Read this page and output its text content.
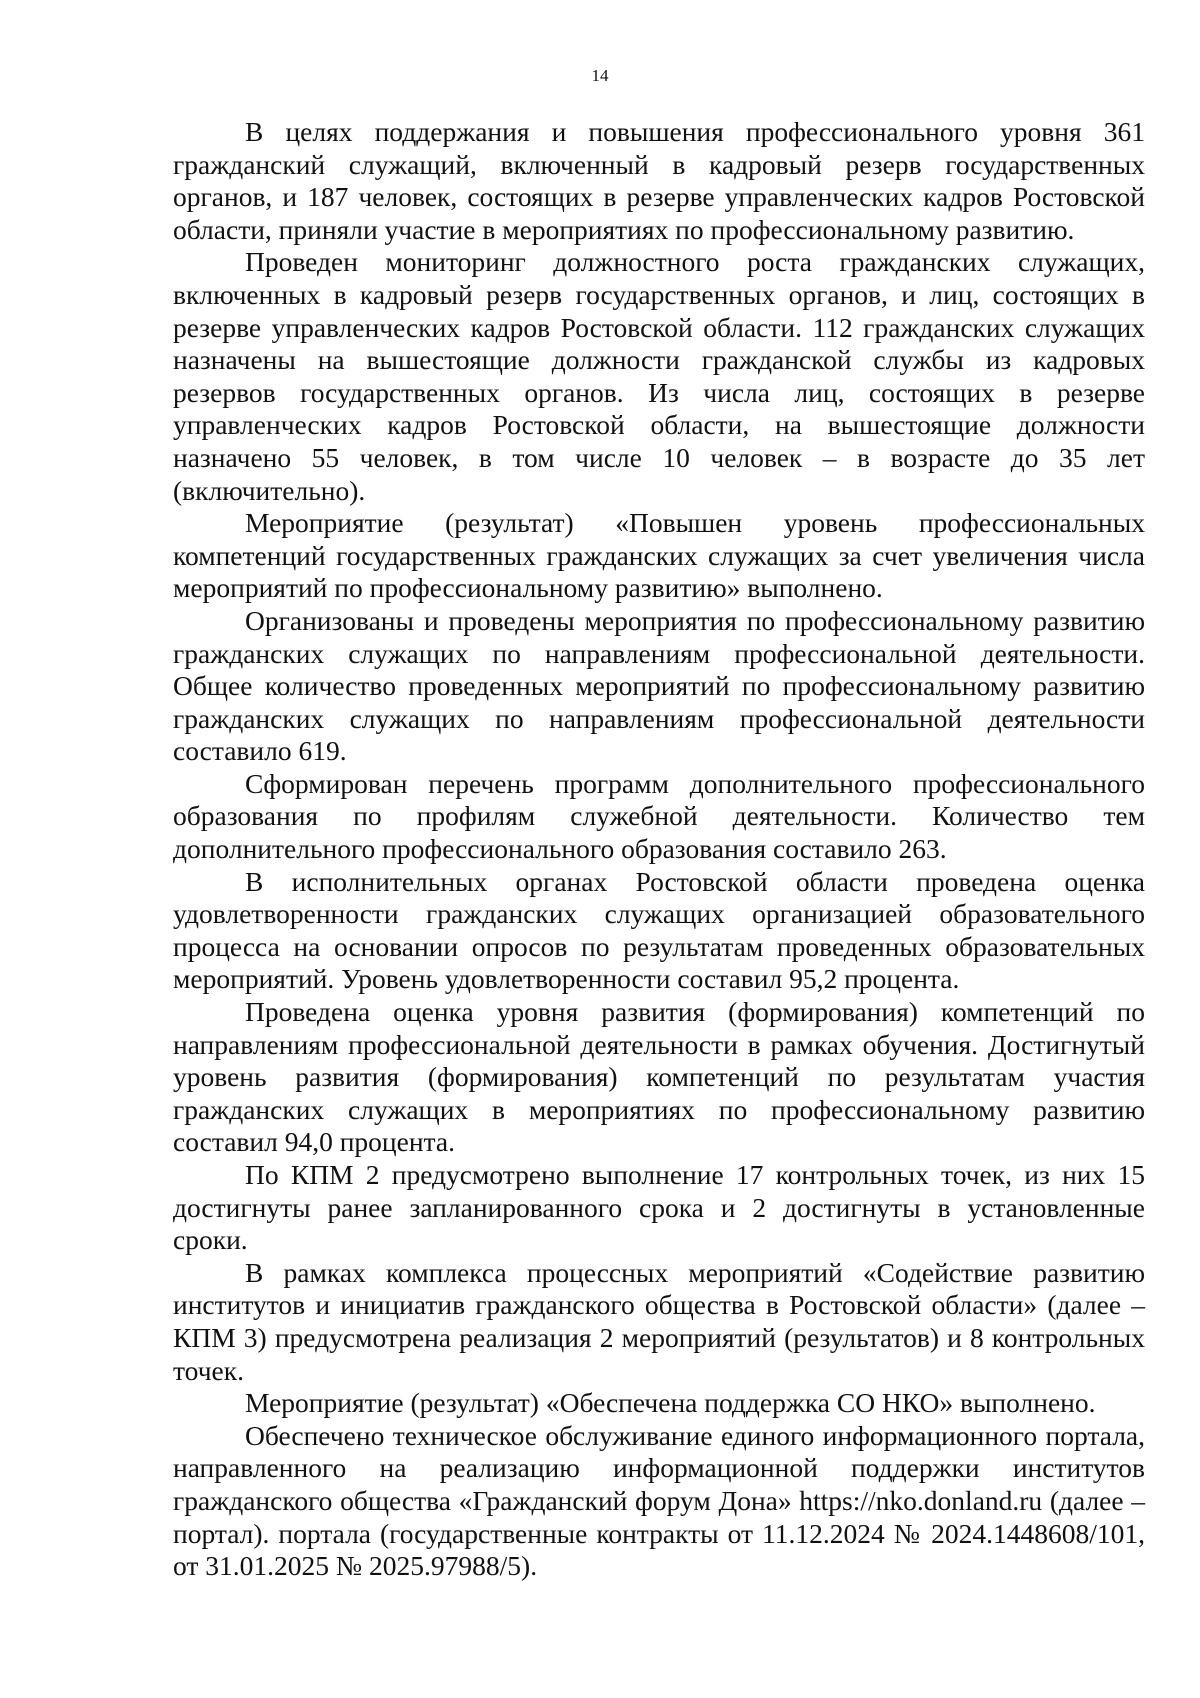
14

В целях поддержания и повышения профессионального уровня 361 гражданский служащий, включенный в кадровый резерв государственных органов, и 187 человек, состоящих в резерве управленческих кадров Ростовской области, приняли участие в мероприятиях по профессиональному развитию.

Проведен мониторинг должностного роста гражданских служащих, включенных в кадровый резерв государственных органов, и лиц, состоящих в резерве управленческих кадров Ростовской области. 112 гражданских служащих назначены на вышестоящие должности гражданской службы из кадровых резервов государственных органов. Из числа лиц, состоящих в резерве управленческих кадров Ростовской области, на вышестоящие должности назначено 55 человек, в том числе 10 человек – в возрасте до 35 лет (включительно).

Мероприятие (результат) «Повышен уровень профессиональных компетенций государственных гражданских служащих за счет увеличения числа мероприятий по профессиональному развитию» выполнено.

Организованы и проведены мероприятия по профессиональному развитию гражданских служащих по направлениям профессиональной деятельности. Общее количество проведенных мероприятий по профессиональному развитию гражданских служащих по направлениям профессиональной деятельности составило 619.

Сформирован перечень программ дополнительного профессионального образования по профилям служебной деятельности. Количество тем дополнительного профессионального образования составило 263.

В исполнительных органах Ростовской области проведена оценка удовлетворенности гражданских служащих организацией образовательного процесса на основании опросов по результатам проведенных образовательных мероприятий. Уровень удовлетворенности составил 95,2 процента.

Проведена оценка уровня развития (формирования) компетенций по направлениям профессиональной деятельности в рамках обучения. Достигнутый уровень развития (формирования) компетенций по результатам участия гражданских служащих в мероприятиях по профессиональному развитию составил 94,0 процента.

По КПМ 2 предусмотрено выполнение 17 контрольных точек, из них 15 достигнуты ранее запланированного срока и 2 достигнуты в установленные сроки.

В рамках комплекса процессных мероприятий «Содействие развитию институтов и инициатив гражданского общества в Ростовской области» (далее – КПМ 3) предусмотрена реализация 2 мероприятий (результатов) и 8 контрольных точек.

Мероприятие (результат) «Обеспечена поддержка СО НКО» выполнено.

Обеспечено техническое обслуживание единого информационного портала, направленного на реализацию информационной поддержки институтов гражданского общества «Гражданский форум Дона» https://nko.donland.ru (далее – портал). портала (государственные контракты от 11.12.2024 № 2024.1448608/101, от 31.01.2025 № 2025.97988/5).
